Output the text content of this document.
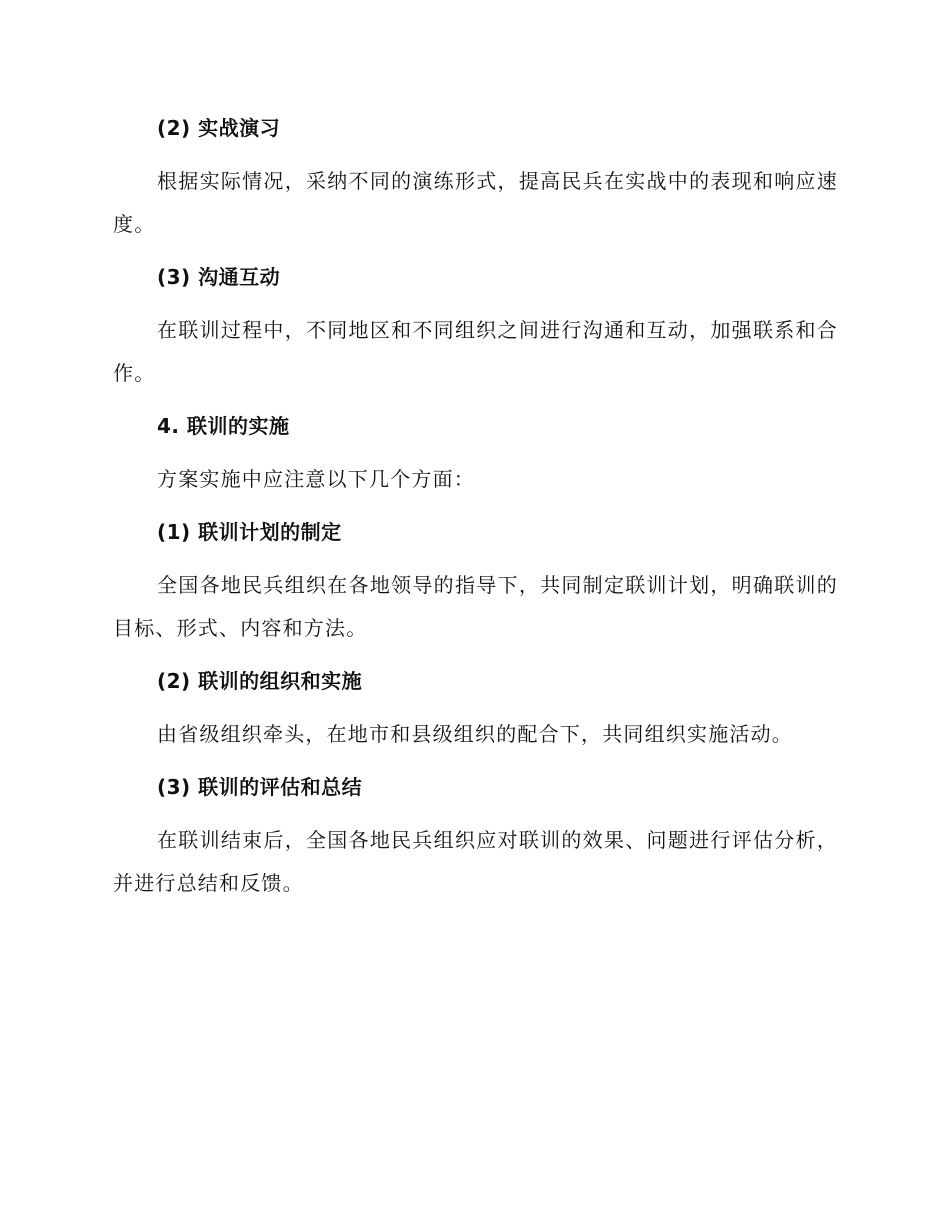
(2) 实战演习

根据实际情况，采纳不同的演练形式，提高民兵在实战中的表现和响应速度。

(3) 沟通互动

在联训过程中，不同地区和不同组织之间进行沟通和互动，加强联系和合作。

4. 联训的实施

方案实施中应注意以下几个方面：

(1) 联训计划的制定

全国各地民兵组织在各地领导的指导下，共同制定联训计划，明确联训的目标、形式、内容和方法。

(2) 联训的组织和实施

由省级组织牵头，在地市和县级组织的配合下，共同组织实施活动。

(3) 联训的评估和总结

在联训结束后，全国各地民兵组织应对联训的效果、问题进行评估分析，并进行总结和反馈。
